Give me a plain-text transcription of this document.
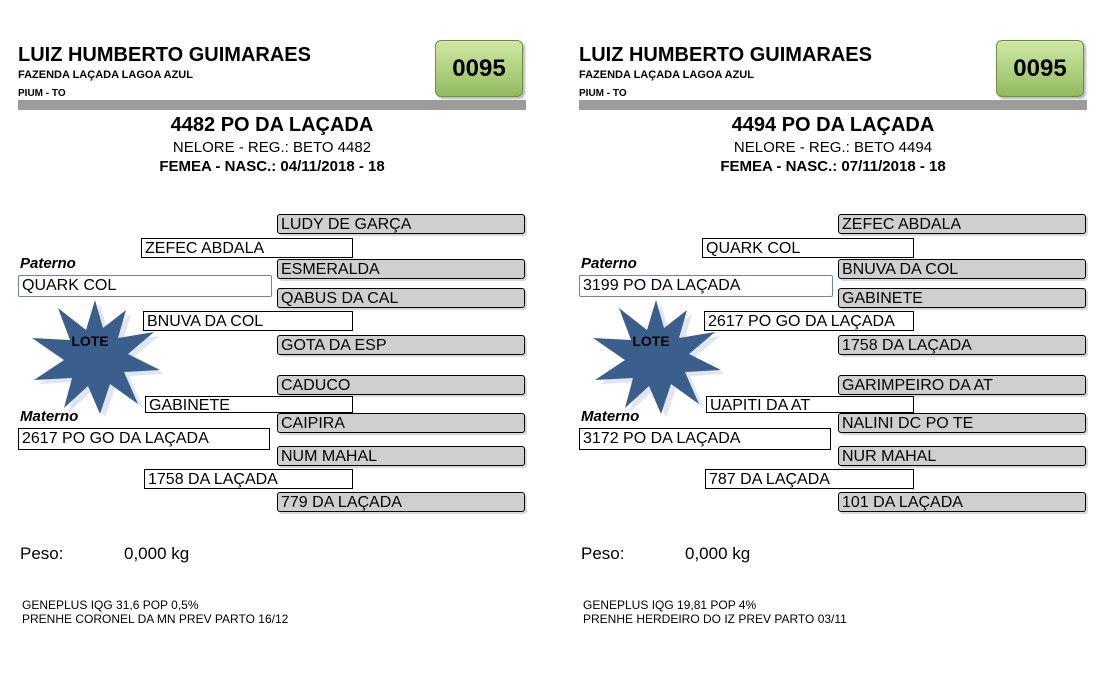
LUIZ HUMBERTO GUIMARAES
FAZENDA LAÇADA LAGOA AZUL
PIUM - TO
0095
4482 PO DA LAÇADA
NELORE - REG.: BETO 4482
FEMEA - NASC.: 04/11/2018 - 18
LUDY DE GARÇA
ZEFEC ABDALA
Paterno	ESMERALDA
QUARK COL
QABUS DA CAL
BNUVA DA COL
GOTA DA ESP
LOTE
CADUCO
GABINETE
Materno	CAIPIRA
2617 PO GO DA LAÇADA
NUM MAHAL
1758 DA LAÇADA
779 DA LAÇADA
Peso:	0,000 kg
GENEPLUS IQG 31,6 POP 0,5%
PRENHE CORONEL DA MN PREV PARTO 16/12
LUIZ HUMBERTO GUIMARAES
FAZENDA LAÇADA LAGOA AZUL
PIUM - TO
0095
4494 PO DA LAÇADA
NELORE - REG.: BETO 4494
FEMEA - NASC.: 07/11/2018 - 18
ZEFEC ABDALA
QUARK COL
Paterno	BNUVA DA COL
3199 PO DA LAÇADA
GABINETE
2617 PO GO DA LAÇADA
1758 DA LAÇADA
LOTE
GARIMPEIRO DA AT
UAPITI DA AT
Materno	NALINI DC PO TE
3172 PO DA LAÇADA
NUR MAHAL
787 DA LAÇADA
101 DA LAÇADA
Peso:	0,000 kg
GENEPLUS IQG 19,81 POP 4%
PRENHE HERDEIRO DO IZ PREV PARTO 03/11
